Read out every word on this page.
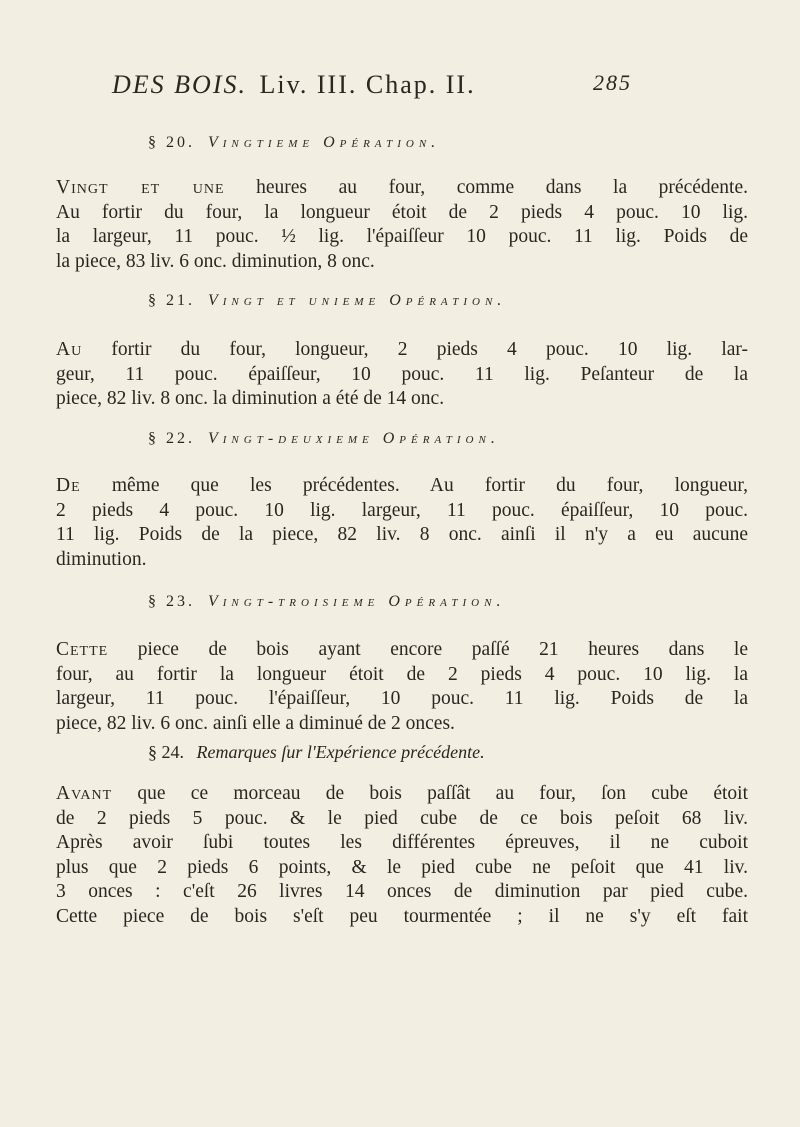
DES BOIS. Liv. III. Chap. II.	285
§ 20. Vingtieme Opération.
Vingt et une heures au four, comme dans la précédente.
Au fortir du four, la longueur étoit de 2 pieds 4 pouc. 10 lig.
la largeur, 11 pouc. ½ lig. l'épaiſſeur 10 pouc. 11 lig. Poids de
la piece, 83 liv. 6 onc. diminution, 8 onc.
§ 21. Vingt et unieme Opération.
Au fortir du four, longueur, 2 pieds 4 pouc. 10 lig. lar-
geur, 11 pouc. épaiſſeur, 10 pouc. 11 lig. Peſanteur de la
piece, 82 liv. 8 onc. la diminution a été de 14 onc.
§ 22. Vingt-deuxieme Opération.
De même que les précédentes. Au fortir du four, longueur,
2 pieds 4 pouc. 10 lig. largeur, 11 pouc. épaiſſeur, 10 pouc.
11 lig. Poids de la piece, 82 liv. 8 onc. ainſi il n'y a eu aucune
diminution.
§ 23. Vingt-troisieme Opération.
Cette piece de bois ayant encore paſſé 21 heures dans le
four, au fortir la longueur étoit de 2 pieds 4 pouc. 10 lig. la
largeur, 11 pouc. l'épaiſſeur, 10 pouc. 11 lig. Poids de la
piece, 82 liv. 6 onc. ainſi elle a diminué de 2 onces.
§ 24. Remarques ſur l'Expérience précédente.
Avant que ce morceau de bois paſſât au four, ſon cube étoit
de 2 pieds 5 pouc. & le pied cube de ce bois peſoit 68 liv.
Après avoir ſubi toutes les différentes épreuves, il ne cuboit
plus que 2 pieds 6 points, & le pied cube ne peſoit que 41 liv.
3 onces : c'eſt 26 livres 14 onces de diminution par pied cube.
Cette piece de bois s'eſt peu tourmentée ; il ne s'y eſt fait
